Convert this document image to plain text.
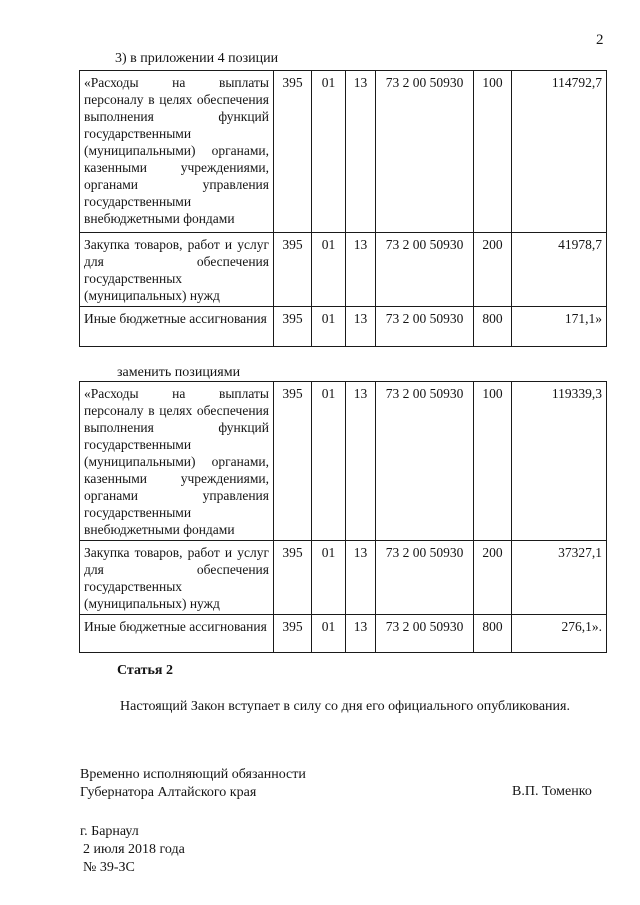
2
3) в приложении 4 позиции
«Расходы на выплаты персоналу в целях обеспечения выполнения функций государственными (муниципальными) органами, казенными учреждениями, органами управления государственными внебюджетными фондами	395	01	13	73 2 00 50930	100	114792,7
Закупка товаров, работ и услуг для обеспечения государственных (муниципальных) нужд	395	01	13	73 2 00 50930	200	41978,7
Иные бюджетные ассигнования	395	01	13	73 2 00 50930	800	171,1»
заменить позициями
«Расходы на выплаты персоналу в целях обеспечения выполнения функций государственными (муниципальными) органами, казенными учреждениями, органами управления государственными внебюджетными фондами	395	01	13	73 2 00 50930	100	119339,3
Закупка товаров, работ и услуг для обеспечения государственных (муниципальных) нужд	395	01	13	73 2 00 50930	200	37327,1
Иные бюджетные ассигнования	395	01	13	73 2 00 50930	800	276,1».
Статья 2
Настоящий Закон вступает в силу со дня его официального опубликования.
Временно исполняющий обязанности
Губернатора Алтайского края	В.П. Томенко
г. Барнаул
2 июля 2018 года
№ 39-ЗС
